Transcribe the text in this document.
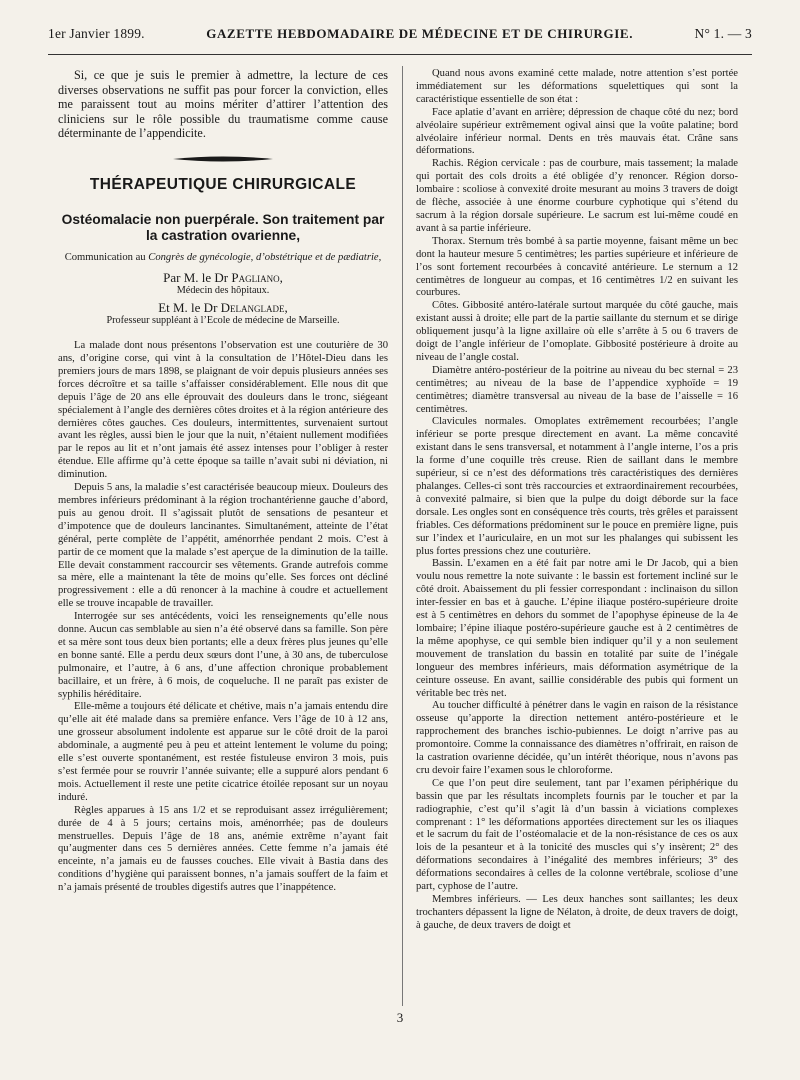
1er Janvier 1899.	GAZETTE HEBDOMADAIRE DE MÉDECINE ET DE CHIRURGIE.	N° 1. — 3

Si, ce que je suis le premier à admettre, la lecture de ces diverses observations ne suffit pas pour forcer la conviction, elles me paraissent tout au moins mériter d’attirer l’attention des cliniciens sur le rôle possible du traumatisme comme cause déterminante de l’appendicite.

THÉRAPEUTIQUE CHIRURGICALE
Ostéomalacie non puerpérale. Son traitement par la castration ovarienne,
Communication au Congrès de gynécologie, d’obstétrique et de pædiatrie,
Par M. le Dr Pagliano,
Médecin des hôpitaux.
Et M. le Dr Delanglade,
Professeur suppléant à l’Ecole de médecine de Marseille.

La malade dont nous présentons l’observation est une couturière de 30 ans, d’origine corse, qui vint à la consultation de l’Hôtel-Dieu dans les premiers jours de mars 1898, se plaignant de voir depuis plusieurs années ses forces décroître et sa taille s’affaisser considérablement. Elle nous dit que depuis l’âge de 20 ans elle éprouvait des douleurs dans le tronc, siégeant spécialement à l’angle des dernières côtes droites et à la région antérieure des dernières côtes gauches. Ces douleurs, intermittentes, survenaient surtout avant les règles, aussi bien le jour que la nuit, n’étaient nullement modifiées par le repos au lit et n’ont jamais été assez intenses pour l’obliger à rester étendue. Elle affirme qu’à cette époque sa taille n’avait subi ni déviation, ni diminution.

Depuis 5 ans, la maladie s’est caractérisée beaucoup mieux. Douleurs des membres inférieurs prédominant à la région trochantérienne gauche d’abord, puis au genou droit. Il s’agissait plutôt de sensations de pesanteur et d’impotence que de douleurs lancinantes. Simultanément, atteinte de l’état général, perte complète de l’appétit, aménorrhée pendant 2 mois. C’est à partir de ce moment que la malade s’est aperçue de la diminution de la taille. Elle devait constamment raccourcir ses vêtements. Grande autrefois comme sa mère, elle a maintenant la tête de moins qu’elle. Ses forces ont décliné progressivement : elle a dû renoncer à la machine à coudre et actuellement elle se trouve incapable de travailler.

Interrogée sur ses antécédents, voici les renseignements qu’elle nous donne. Aucun cas semblable au sien n’a été observé dans sa famille. Son père et sa mère sont tous deux bien portants; elle a deux frères plus jeunes qu’elle en bonne santé. Elle a perdu deux sœurs dont l’une, à 30 ans, de tuberculose pulmonaire, et l’autre, à 6 ans, d’une affection chronique probablement bacillaire, et un frère, à 6 mois, de coqueluche. Il ne paraît pas exister de syphilis héréditaire.

Elle-même a toujours été délicate et chétive, mais n’a jamais entendu dire qu’elle ait été malade dans sa première enfance. Vers l’âge de 10 à 12 ans, une grosseur absolument indolente est apparue sur le côté droit de la paroi abdominale, a augmenté peu à peu et atteint lentement le volume du poing; elle s’est ouverte spontanément, est restée fistuleuse environ 3 mois, puis s’est fermée pour se rouvrir l’année suivante; elle a suppuré alors pendant 6 mois. Actuellement il reste une petite cicatrice étoilée reposant sur un noyau induré.

Règles apparues à 15 ans 1/2 et se reproduisant assez irrégulièrement; durée de 4 à 5 jours; certains mois, aménorrhée; pas de douleurs menstruelles. Depuis l’âge de 18 ans, anémie extrême n’ayant fait qu’augmenter dans ces 5 dernières années. Cette femme n’a jamais été enceinte, n’a jamais eu de fausses couches. Elle vivait à Bastia dans des conditions d’hygiène qui paraissent bonnes, n’a jamais souffert de la faim et n’a jamais présenté de troubles digestifs autres que l’inappétence.

Quand nous avons examiné cette malade, notre attention s’est portée immédiatement sur les déformations squelettiques qui sont la caractéristique essentielle de son état :

Face aplatie d’avant en arrière; dépression de chaque côté du nez; bord alvéolaire supérieur extrêmement ogival ainsi que la voûte palatine; bord alvéolaire inférieur normal. Dents en très mauvais état. Crâne sans déformations.

Rachis. Région cervicale : pas de courbure, mais tassement; la malade qui portait des cols droits a été obligée d’y renoncer. Région dorso-lombaire : scoliose à convexité droite mesurant au moins 3 travers de doigt de flèche, associée à une énorme courbure cyphotique qui s’étend du sacrum à la région dorsale supérieure. Le sacrum est lui-même coudé en avant à sa partie inférieure.

Thorax. Sternum très bombé à sa partie moyenne, faisant même un bec dont la hauteur mesure 5 centimètres; les parties supérieure et inférieure de l’os sont fortement recourbées à concavité antérieure. Le sternum a 12 centimètres de longueur au compas, et 16 centimètres 1/2 en suivant les courbures.

Côtes. Gibbosité antéro-latérale surtout marquée du côté gauche, mais existant aussi à droite; elle part de la partie saillante du sternum et se dirige obliquement jusqu’à la ligne axillaire où elle s’arrête à 5 ou 6 travers de doigt de l’angle inférieur de l’omoplate. Gibbosité postérieure à droite au niveau de l’angle costal.

Diamètre antéro-postérieur de la poitrine au niveau du bec sternal = 23 centimètres; au niveau de la base de l’appendice xyphoïde = 19 centimètres; diamètre transversal au niveau de la base de l’aisselle = 16 centimètres.

Clavicules normales. Omoplates extrêmement recourbées; l’angle inférieur se porte presque directement en avant. La même concavité existant dans le sens transversal, et notamment à l’angle interne, l’os a pris la forme d’une coquille très creuse. Rien de saillant dans le membre supérieur, si ce n’est des déformations très caractéristiques des dernières phalanges. Celles-ci sont très raccourcies et extraordinairement recourbées, à convexité palmaire, si bien que la pulpe du doigt déborde sur la face dorsale. Les ongles sont en conséquence très courts, très grêles et paraissent friables. Ces déformations prédominent sur le pouce en première ligne, puis sur l’index et l’auriculaire, en un mot sur les phalanges qui subissent les plus fortes pressions chez une couturière.

Bassin. L’examen en a été fait par notre ami le Dr Jacob, qui a bien voulu nous remettre la note suivante : le bassin est fortement incliné sur le côté droit. Abaissement du pli fessier correspondant : inclinaison du sillon inter-fessier en bas et à gauche. L’épine iliaque postéro-supérieure droite est à 5 centimètres en dehors du sommet de l’apophyse épineuse de la 4e lombaire; l’épine iliaque postéro-supérieure gauche est à 2 centimètres de la même apophyse, ce qui semble bien indiquer qu’il y a non seulement mouvement de translation du bassin en totalité par suite de l’inégale longueur des membres inférieurs, mais déformation asymétrique de la ceinture osseuse. En avant, saillie considérable des pubis qui forment un véritable bec très net.

Au toucher difficulté à pénétrer dans le vagin en raison de la résistance osseuse qu’apporte la direction nettement antéro-postérieure et le rapprochement des branches ischio-pubiennes. Le doigt n’arrive pas au promontoire. Comme la connaissance des diamètres n’offrirait, en raison de la castration ovarienne décidée, qu’un intérêt théorique, nous n’avons pas cru devoir faire l’examen sous le chloroforme.

Ce que l’on peut dire seulement, tant par l’examen périphérique du bassin que par les résultats incomplets fournis par le toucher et par la radiographie, c’est qu’il s’agit là d’un bassin à viciations complexes comprenant : 1° les déformations apportées directement sur les os iliaques et le sacrum du fait de l’ostéomalacie et de la non-résistance de ces os aux lois de la pesanteur et à la tonicité des muscles qui s’y insèrent; 2° des déformations secondaires à l’inégalité des membres inférieurs; 3° des déformations secondaires à celles de la colonne vertébrale, scoliose d’une part, cyphose de l’autre.

Membres inférieurs. — Les deux hanches sont saillantes; les deux trochanters dépassent la ligne de Nélaton, à droite, de deux travers de doigt, à gauche, de deux travers de doigt et

3
